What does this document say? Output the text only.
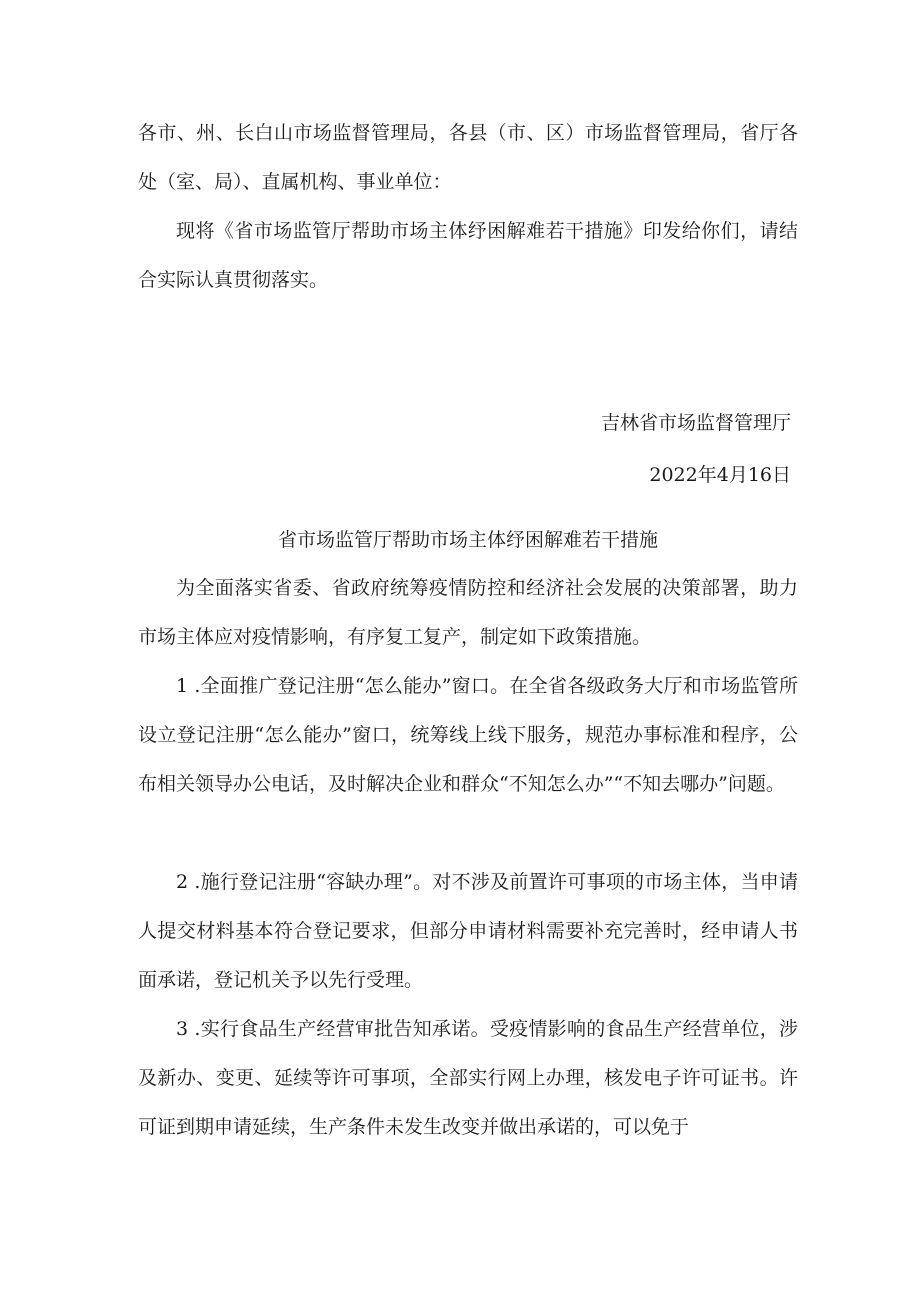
各市、州、长白山市场监督管理局，各县（市、区）市场监督管理局，省厅各处（室、局）、直属机构、事业单位：

现将《省市场监管厅帮助市场主体纾困解难若干措施》印发给你们，请结合实际认真贯彻落实。

吉林省市场监督管理厅

2022年4月16日

省市场监管厅帮助市场主体纾困解难若干措施

为全面落实省委、省政府统筹疫情防控和经济社会发展的决策部署，助力市场主体应对疫情影响，有序复工复产，制定如下政策措施。

1 .全面推广登记注册“怎么能办”窗口。在全省各级政务大厅和市场监管所设立登记注册“怎么能办”窗口，统筹线上线下服务，规范办事标准和程序，公布相关领导办公电话，及时解决企业和群众“不知怎么办”“不知去哪办”问题。

2 .施行登记注册“容缺办理”。对不涉及前置许可事项的市场主体，当申请人提交材料基本符合登记要求，但部分申请材料需要补充完善时，经申请人书面承诺，登记机关予以先行受理。

3 .实行食品生产经营审批告知承诺。受疫情影响的食品生产经营单位，涉及新办、变更、延续等许可事项，全部实行网上办理，核发电子许可证书。许可证到期申请延续，生产条件未发生改变并做出承诺的，可以免于
